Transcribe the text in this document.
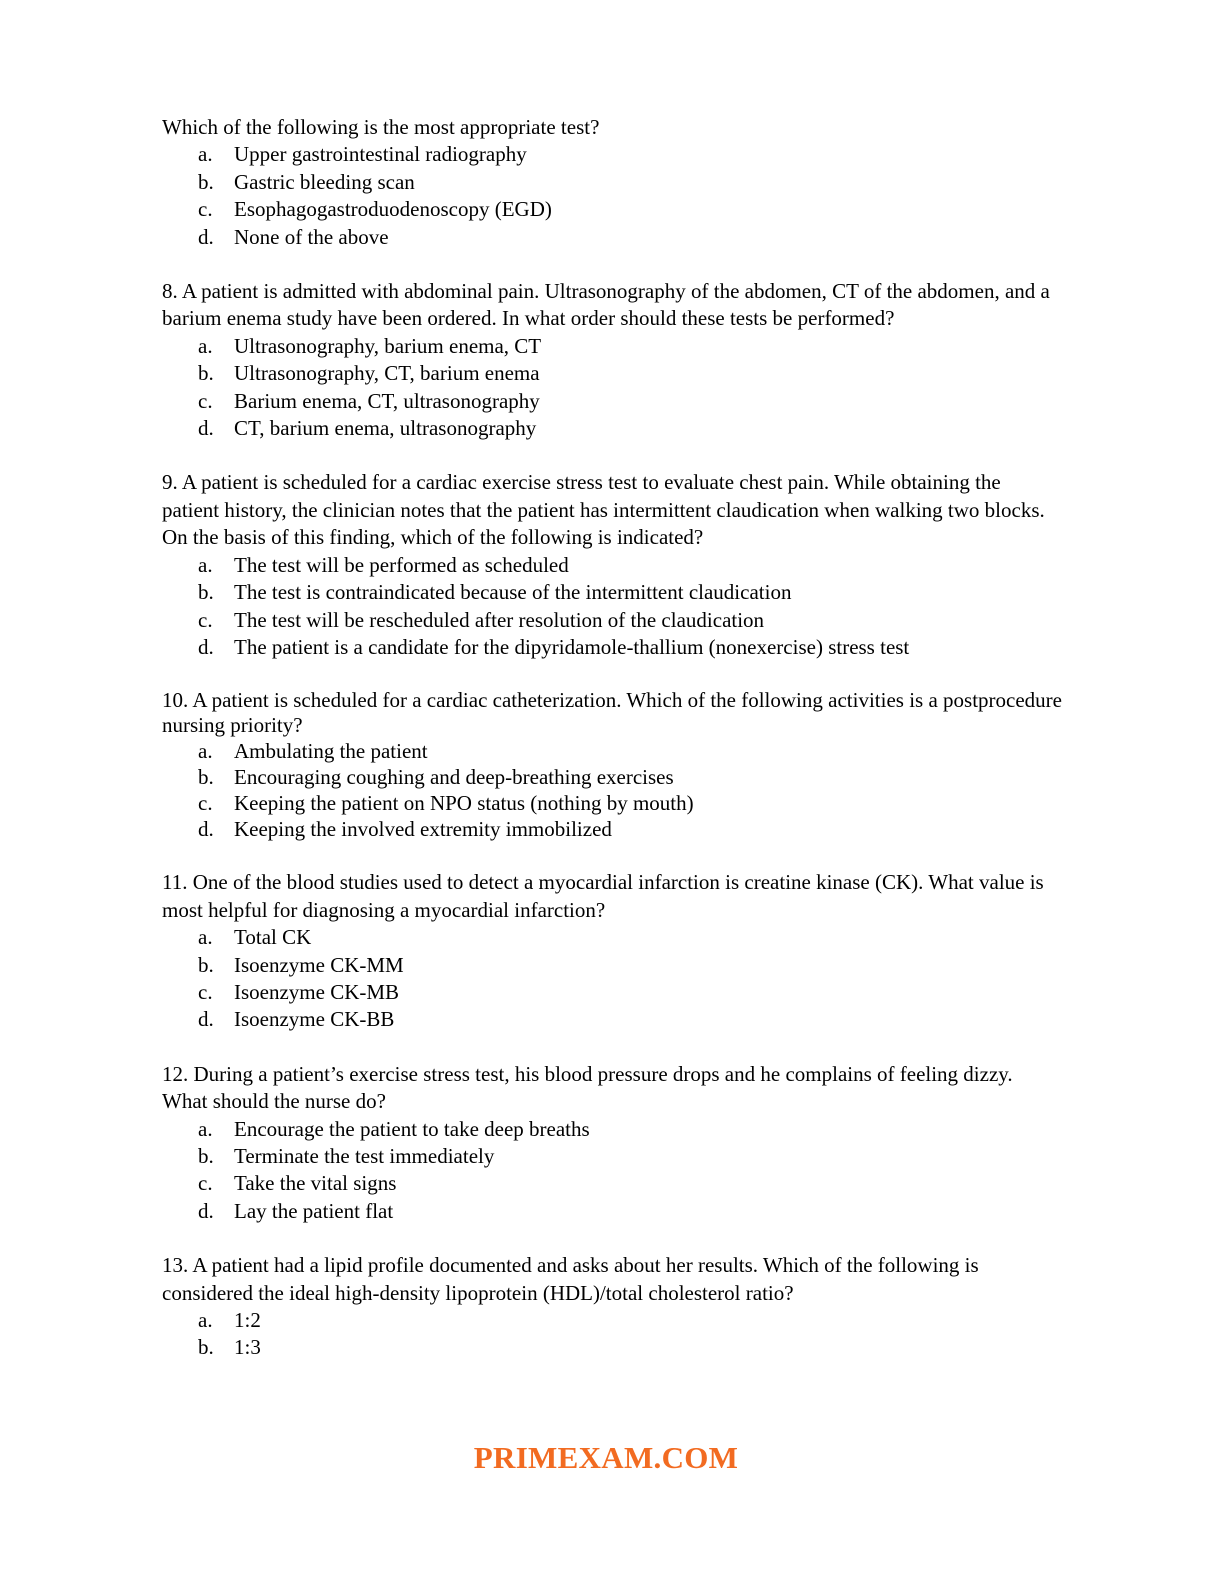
Which of the following is the most appropriate test?

a.	Upper gastrointestinal radiography
b. Gastric bleeding scan
c.	Esophagogastroduodenoscopy (EGD)
d. None of the above

8. A patient is admitted with abdominal pain. Ultrasonography of the abdomen, CT of the abdomen, and a barium enema study have been ordered. In what order should these tests be performed?

a.	Ultrasonography, barium enema, CT
b. Ultrasonography, CT, barium enema
c.	Barium enema, CT, ultrasonography
d. CT, barium enema, ultrasonography

9. A patient is scheduled for a cardiac exercise stress test to evaluate chest pain. While obtaining the patient history, the clinician notes that the patient has intermittent claudication when walking two blocks. On the basis of this finding, which of the following is indicated?

a.	The test will be performed as scheduled
b. The test is contraindicated because of the intermittent claudication
c.	The test will be rescheduled after resolution of the claudication
d. The patient is a candidate for the dipyridamole-thallium (nonexercise) stress test

10. A patient is scheduled for a cardiac catheterization. Which of the following activities is a postprocedure nursing priority?

a.	Ambulating the patient
b. Encouraging coughing and deep-breathing exercises
c.	Keeping the patient on NPO status (nothing by mouth)
d. Keeping the involved extremity immobilized

11. One of the blood studies used to detect a myocardial infarction is creatine kinase (CK). What value is most helpful for diagnosing a myocardial infarction?

a.	Total CK
b. Isoenzyme CK-MM
c.	Isoenzyme CK-MB
d. Isoenzyme CK-BB

12. During a patient’s exercise stress test, his blood pressure drops and he complains of feeling dizzy. What should the nurse do?

a.	Encourage the patient to take deep breaths
b. Terminate the test immediately
c.	Take the vital signs
d. Lay the patient flat

13. A patient had a lipid profile documented and asks about her results. Which of the following is considered the ideal high-density lipoprotein (HDL)/total cholesterol ratio?

a.	1:2
b. 1:3
PRIMEXAM.COM
